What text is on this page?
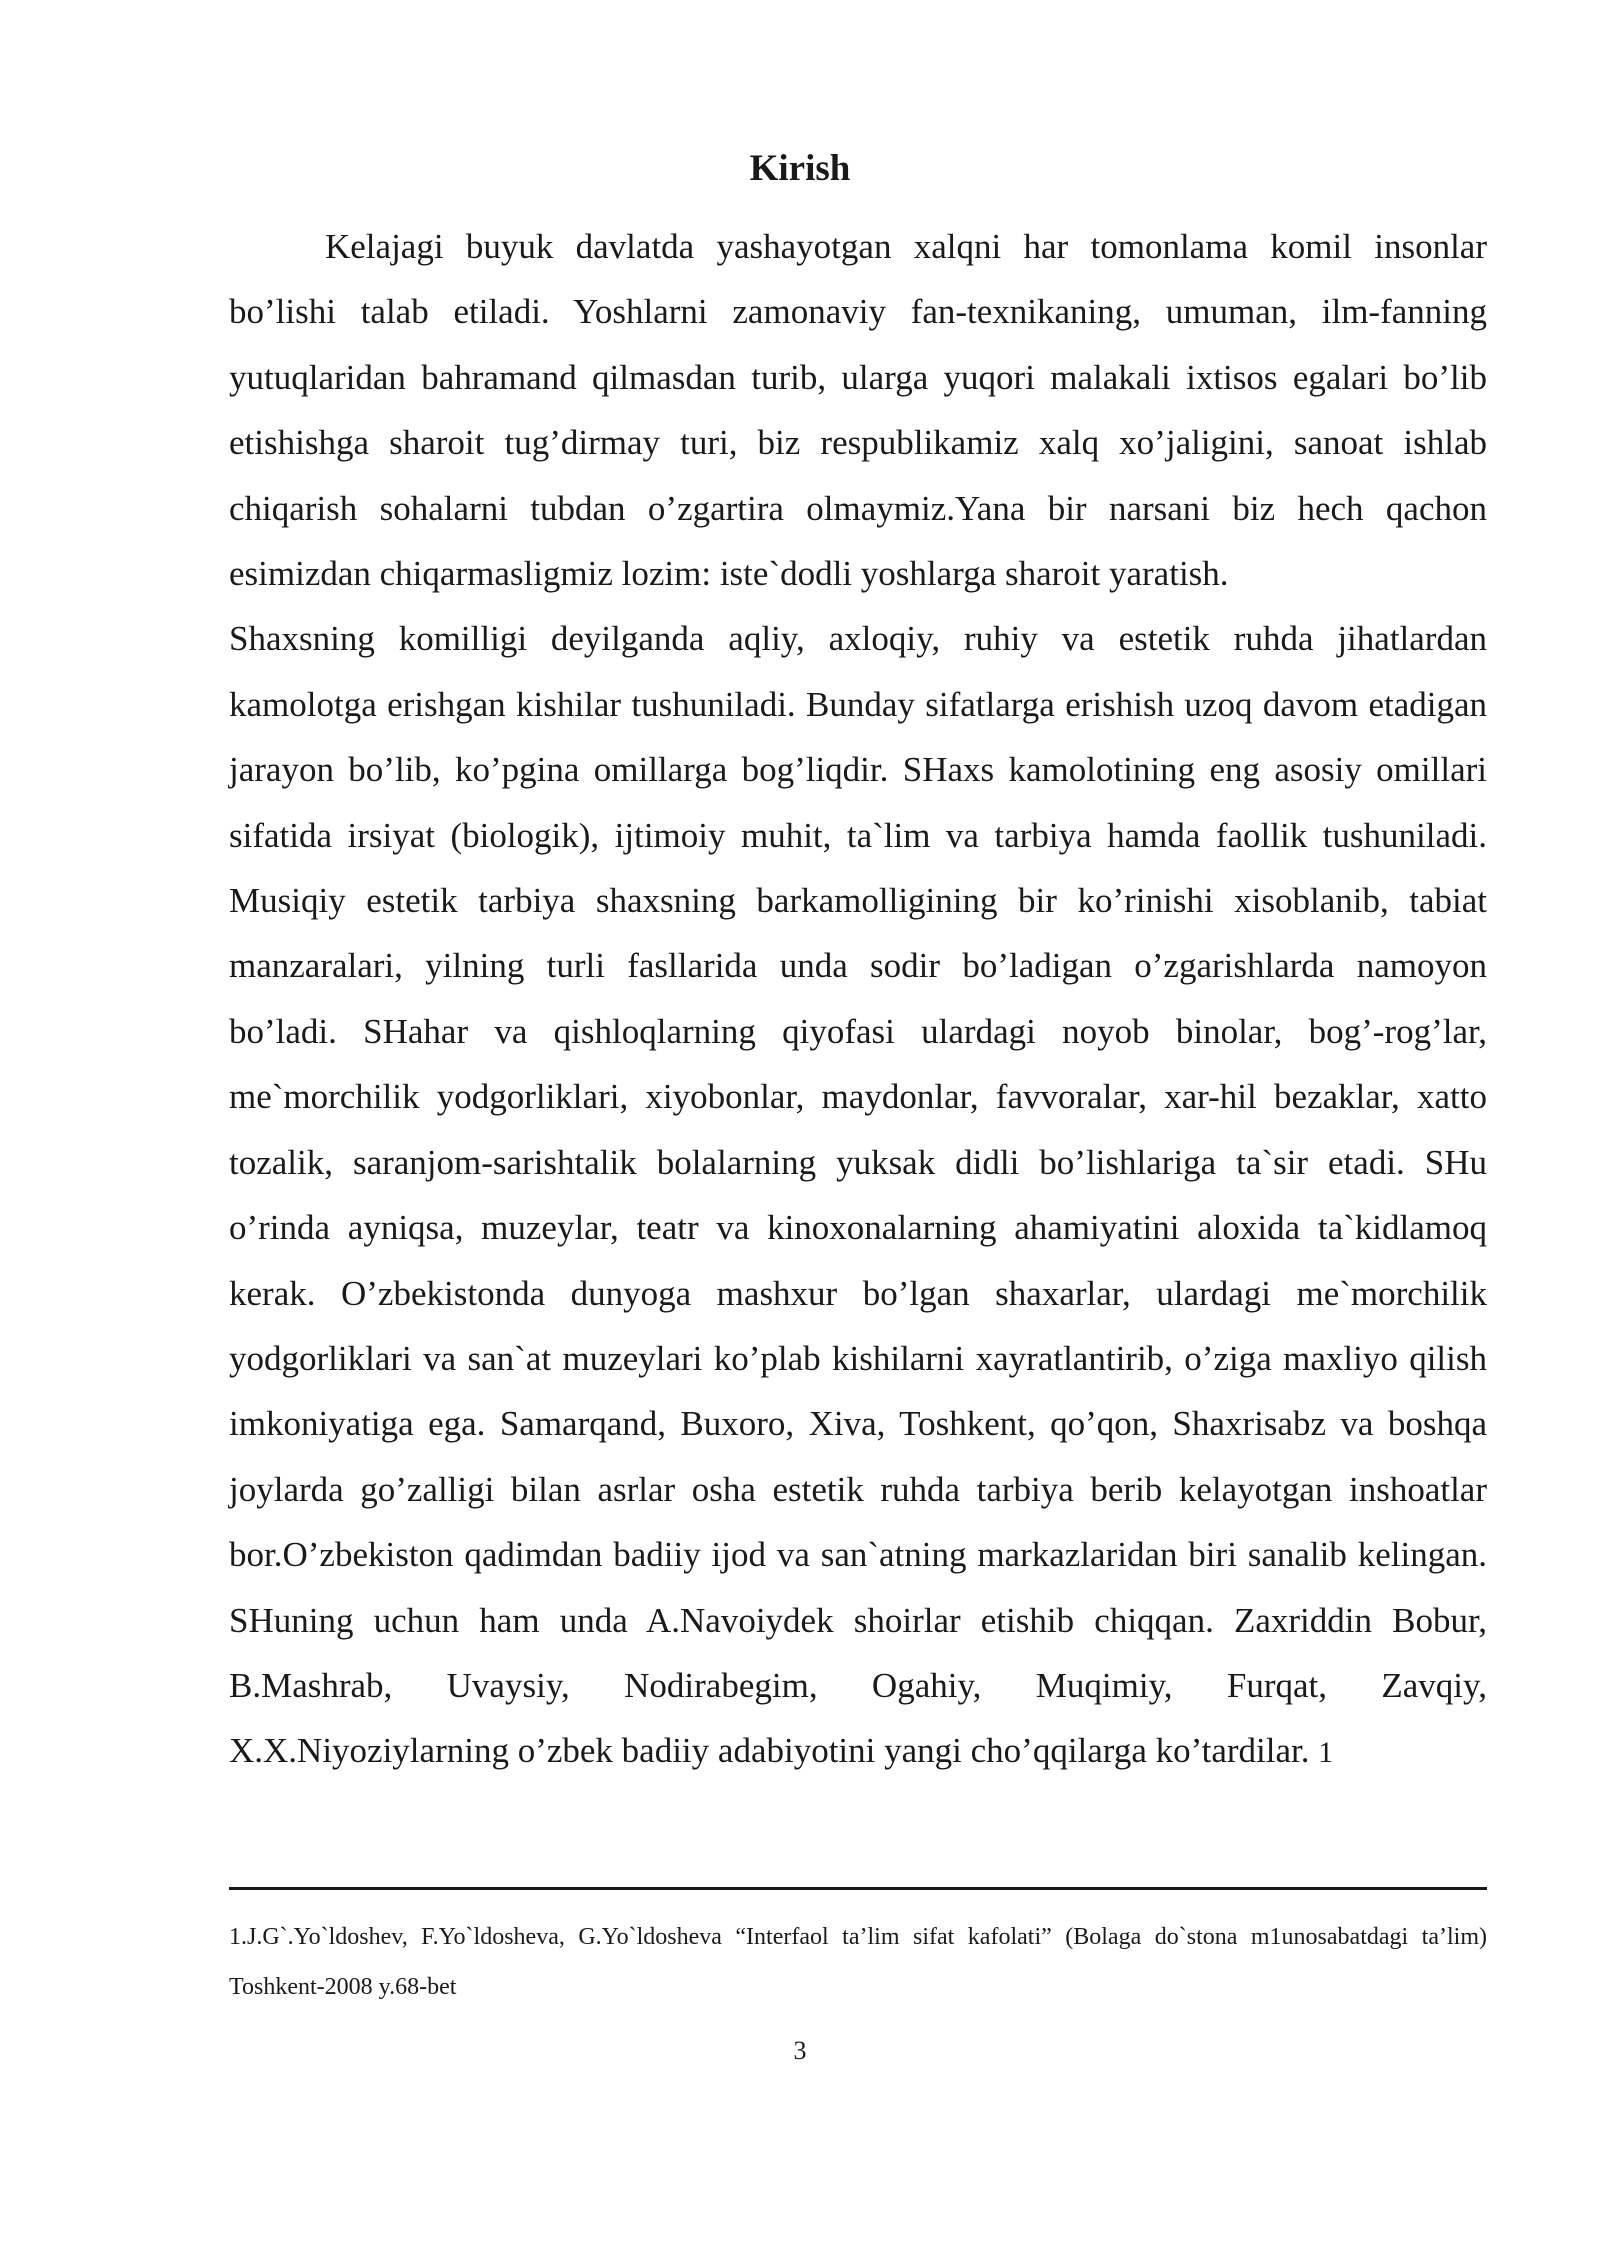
Kirish

Kelajagi buyuk davlatda yashayotgan xalqni har tomonlama komil insonlar bo’lishi talab etiladi. Yoshlarni zamonaviy fan-texnikaning, umuman, ilm-fanning yutuqlaridan bahramand qilmasdan turib, ularga yuqori malakali ixtisos egalari bo’lib etishishga sharoit tug’dirmay turi, biz respublikamiz xalq xo’jaligini, sanoat ishlab chiqarish sohalarni tubdan o’zgartira olmaymiz.Yana bir narsani biz hech qachon esimizdan chiqarmasligmiz lozim: iste`dodli yoshlarga sharoit yaratish.

Shaxsning komilligi deyilganda aqliy, axloqiy, ruhiy va estetik ruhda jihatlardan kamolotga erishgan kishilar tushuniladi. Bunday sifatlarga erishish uzoq davom etadigan jarayon bo’lib, ko’pgina omillarga bog’liqdir. SHaxs kamolotining eng asosiy omillari sifatida irsiyat (biologik), ijtimoiy muhit, ta`lim va tarbiya hamda faollik tushuniladi. Musiqiy estetik tarbiya shaxsning barkamolligining bir ko’rinishi xisoblanib, tabiat manzaralari, yilning turli fasllarida unda sodir bo’ladigan o’zgarishlarda namoyon bo’ladi. SHahar va qishloqlarning qiyofasi ulardagi noyob binolar, bog’-rog’lar, me`morchilik yodgorliklari, xiyobonlar, maydonlar, favvoralar, xar-hil bezaklar, xatto tozalik, saranjom-sarishtalik bolalarning yuksak didli bo’lishlariga ta`sir etadi. SHu o’rinda ayniqsa, muzeylar, teatr va kinoxonalarning ahamiyatini aloxida ta`kidlamoq kerak. O’zbekistonda dunyoga mashxur bo’lgan shaxarlar, ulardagi me`morchilik yodgorliklari va san`at muzeylari ko’plab kishilarni xayratlantirib, o’ziga maxliyo qilish imkoniyatiga ega. Samarqand, Buxoro, Xiva, Toshkent, qo’qon, Shaxrisabz va boshqa joylarda go’zalligi bilan asrlar osha estetik ruhda tarbiya berib kelayotgan inshoatlar bor.O’zbekiston qadimdan badiiy ijod va san`atning markazlaridan biri sanalib kelingan. SHuning uchun ham unda A.Navoiydek shoirlar etishib chiqqan. Zaxriddin Bobur, B.Mashrab, Uvaysiy, Nodirabegim, Ogahiy, Muqimiy, Furqat, Zavqiy, X.X.Niyoziylarning o’zbek badiiy adabiyotini yangi cho’qqilarga ko’tardilar. 1

1.J.G`.Yo`ldoshev, F.Yo`ldosheva, G.Yo`ldosheva “Interfaol ta’lim sifat kafolati” (Bolaga do`stona m1unosabatdagi ta’lim) Toshkent-2008 y.68-bet

3
